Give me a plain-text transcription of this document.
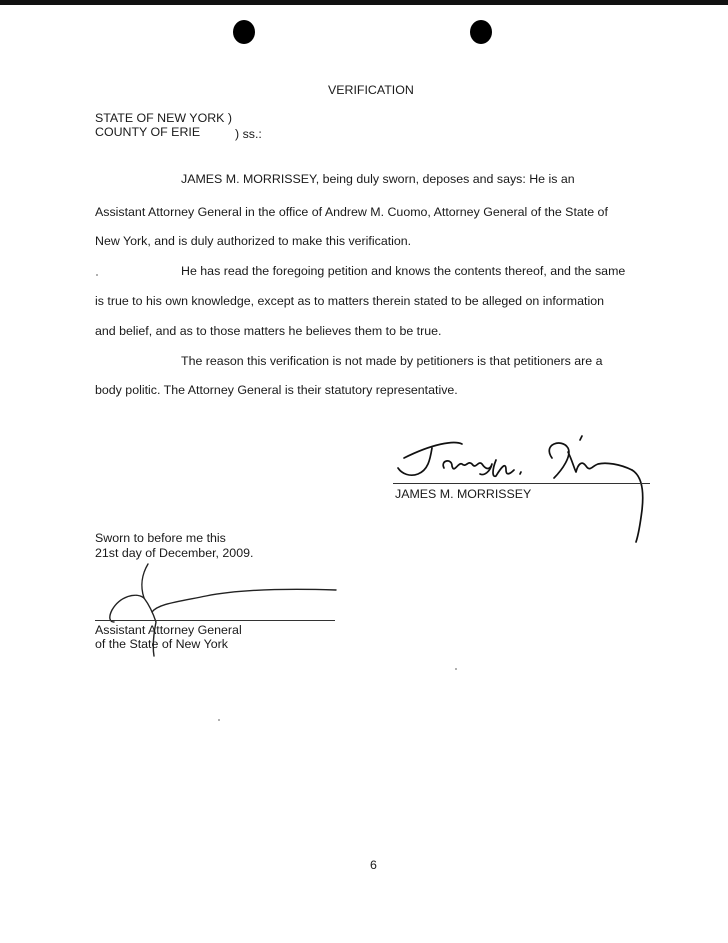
VERIFICATION
STATE OF NEW YORK )
COUNTY OF ERIE	) ss.:
JAMES M. MORRISSEY, being duly sworn, deposes and says: He is an
Assistant Attorney General in the office of Andrew M. Cuomo, Attorney General of the State of
New York, and is duly authorized to make this verification.
He has read the foregoing petition and knows the contents thereof, and the same
is true to his own knowledge, except as to matters therein stated to be alleged on information
and belief, and as to those matters he believes them to be true.
The reason this verification is not made by petitioners is that petitioners are a
body politic. The Attorney General is their statutory representative.
JAMES M. MORRISSEY
Sworn to before me this
21st day of December, 2009.
Assistant Attorney General
of the State of New York
6
